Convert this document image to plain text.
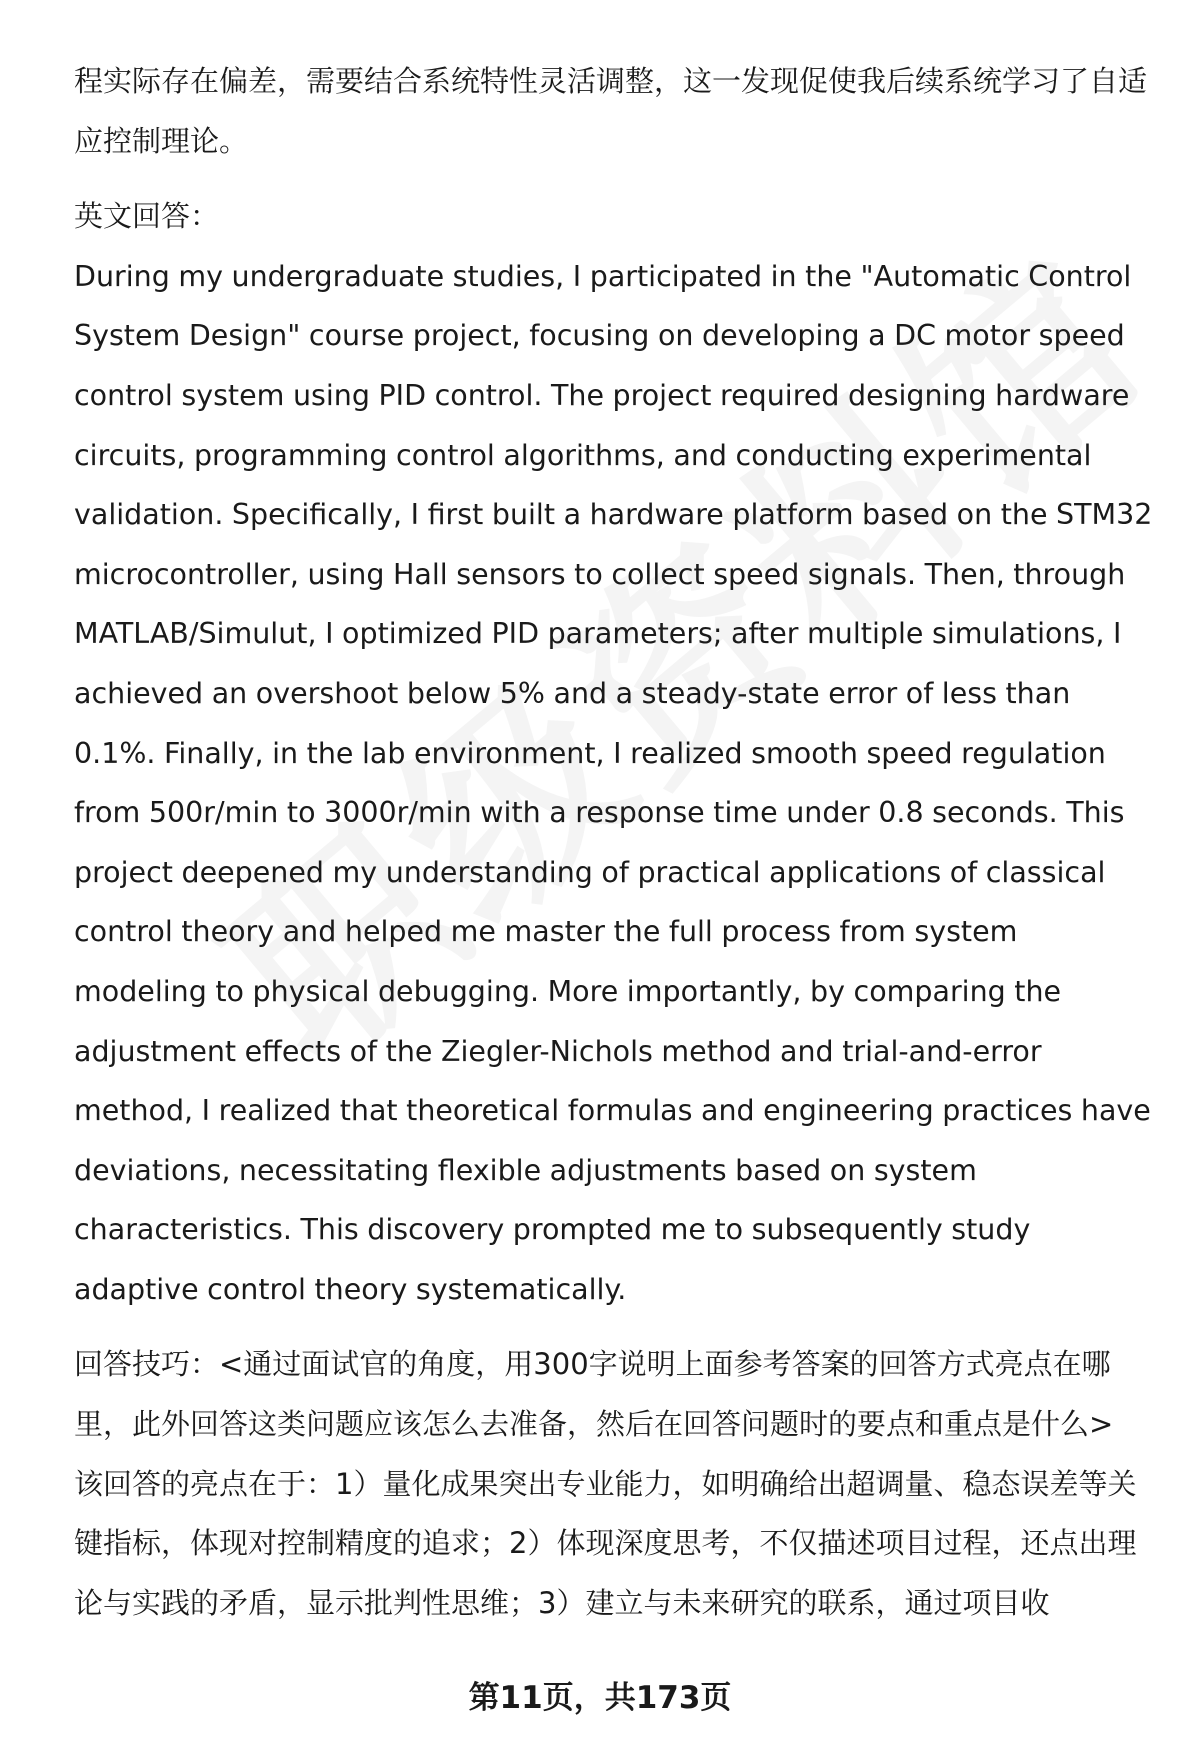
程实际存在偏差，需要结合系统特性灵活调整，这一发现促使我后续系统学习了自适应控制理论。

英文回答：

During my undergraduate studies, I participated in the "Automatic Control System Design" course project, focusing on developing a DC motor speed control system using PID control. The project required designing hardware circuits, programming control algorithms, and conducting experimental validation. Specifically, I first built a hardware platform based on the STM32 microcontroller, using Hall sensors to collect speed signals. Then, through MATLAB/Simulut, I optimized PID parameters; after multiple simulations, I achieved an overshoot below 5% and a steady-state error of less than 0.1%. Finally, in the lab environment, I realized smooth speed regulation from 500r/min to 3000r/min with a response time under 0.8 seconds. This project deepened my understanding of practical applications of classical control theory and helped me master the full process from system modeling to physical debugging. More importantly, by comparing the adjustment effects of the Ziegler-Nichols method and trial-and-error method, I realized that theoretical formulas and engineering practices have deviations, necessitating flexible adjustments based on system characteristics. This discovery prompted me to subsequently study adaptive control theory systematically.

回答技巧：<通过面试官的角度，用300字说明上面参考答案的回答方式亮点在哪里，此外回答这类问题应该怎么去准备，然后在回答问题时的要点和重点是什么>

该回答的亮点在于：1）量化成果突出专业能力，如明确给出超调量、稳态误差等关键指标，体现对控制精度的追求；2）体现深度思考，不仅描述项目过程，还点出理论与实践的矛盾，显示批判性思维；3）建立与未来研究的联系，通过项目收

第11页，共173页
